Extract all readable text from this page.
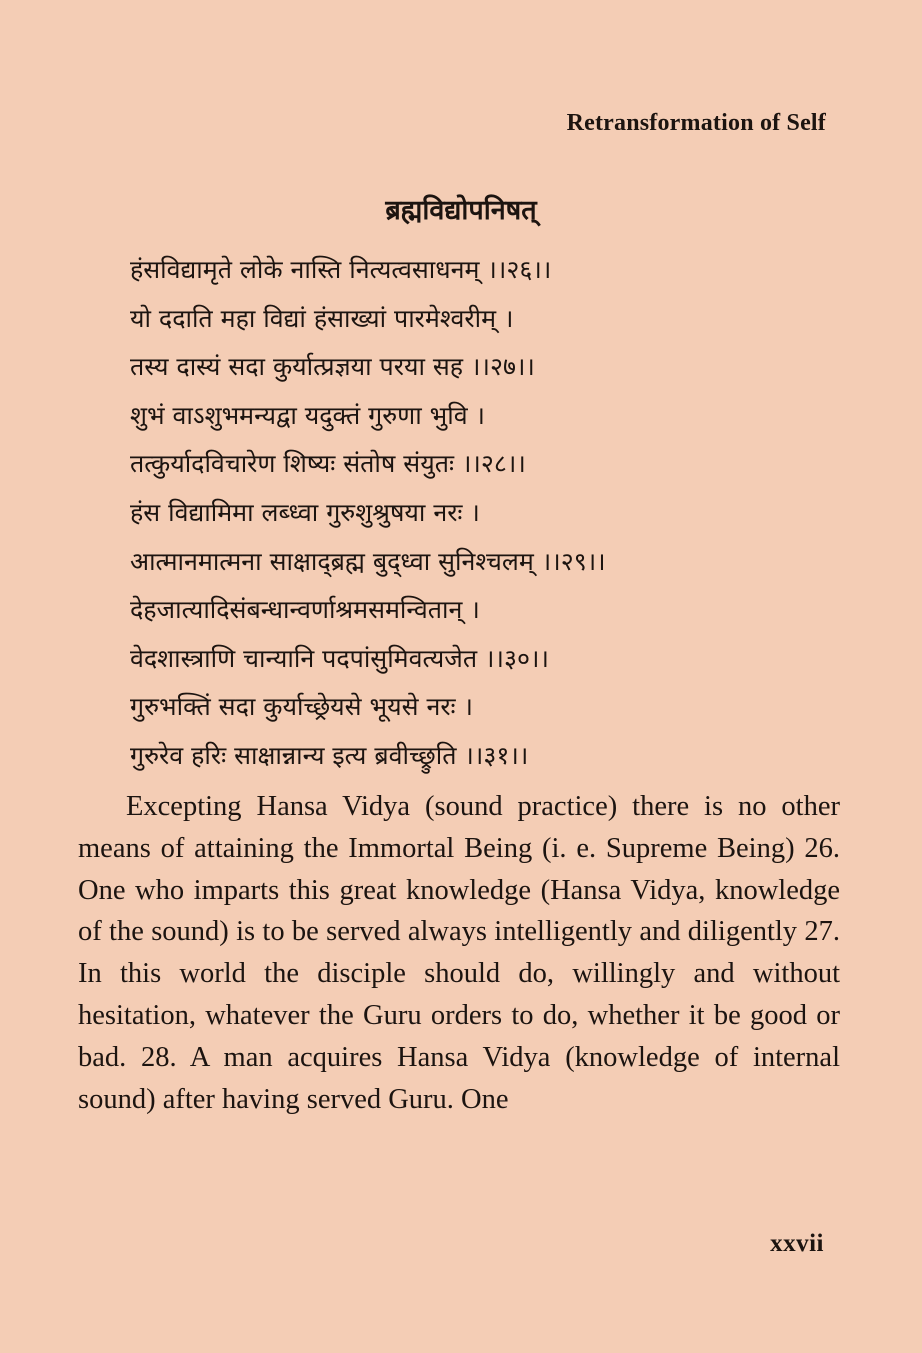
Retransformation of Self
ब्रह्मविद्योपनिषत्
हंसविद्यामृते लोके नास्ति नित्यत्वसाधनम् ।।२६।।
यो ददाति महा विद्यां हंसाख्यां पारमेश्वरीम् ।
तस्य दास्यं सदा कुर्यात्प्रज्ञया परया सह ।।२७।।
शुभं वाऽशुभमन्यद्वा यदुक्तं गुरुणा भुवि ।
तत्कुर्यादविचारेण शिष्यः संतोष संयुतः ।।२८।।
हंस विद्यामिमा लब्ध्वा गुरुशुश्रुषया नरः ।
आत्मानमात्मना साक्षाद्ब्रह्म बुद्ध्वा सुनिश्चलम् ।।२९।।
देहजात्यादिसंबन्धान्वर्णाश्रमसमन्वितान् ।
वेदशास्त्राणि चान्यानि पदपांसुमिवत्यजेत ।।३०।।
गुरुभक्तिं सदा कुर्याच्छ्रेयसे भूयसे नरः ।
गुरुरेव हरिः साक्षान्नान्य इत्य ब्रवीच्छ्रुति ।।३१।।

Excepting Hansa Vidya (sound practice) there is no other means of attaining the Immortal Being (i. e. Supreme Being) 26. One who imparts this great knowledge (Hansa Vidya, knowledge of the sound) is to be served always intelligently and diligently 27. In this world the disciple should do, willingly and without hesitation, whatever the Guru orders to do, whether it be good or bad. 28. A man acquires Hansa Vidya (knowledge of internal sound) after having served Guru. One

xxvii
